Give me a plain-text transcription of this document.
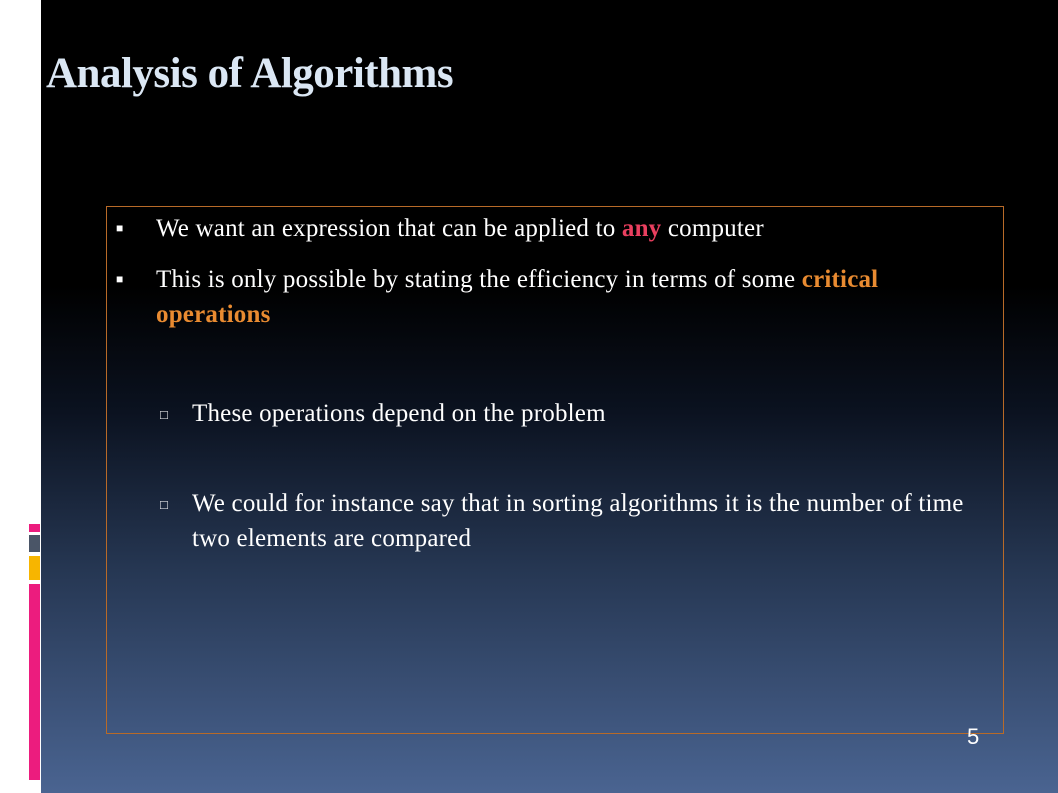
Analysis of Algorithms
■ We want an expression that can be applied to any computer
■ This is only possible by stating the efficiency in terms of some critical operations
□ These operations depend on the problem
□ We could for instance say that in sorting algorithms it is the number of time two elements are compared
5
